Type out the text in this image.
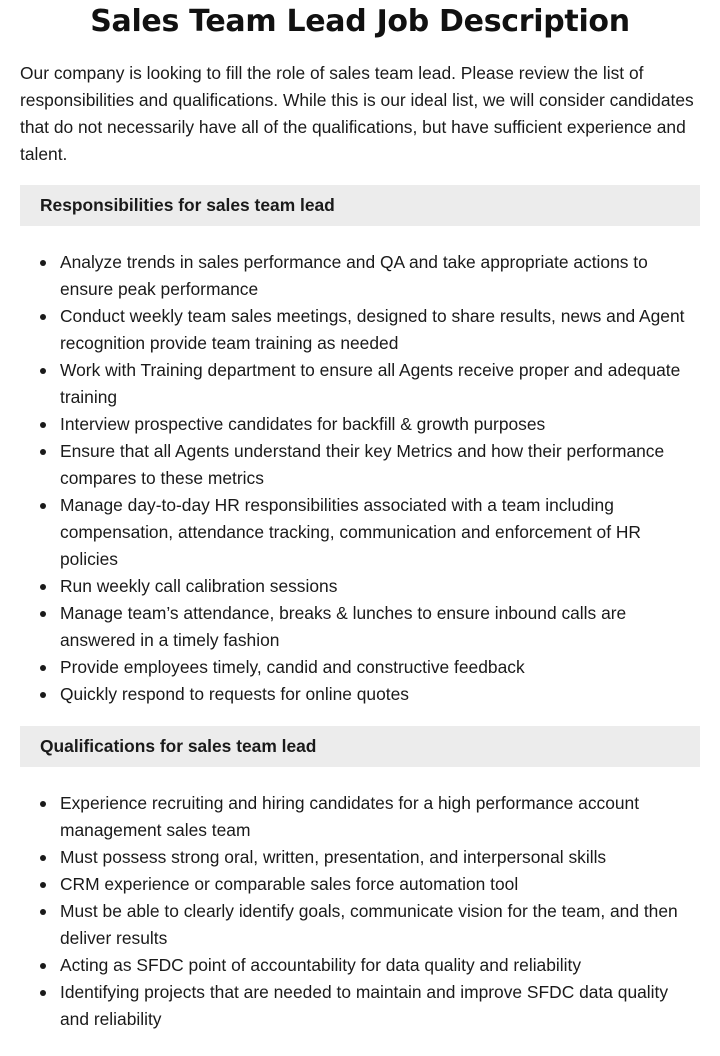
Sales Team Lead Job Description

Our company is looking to fill the role of sales team lead. Please review the list of responsibilities and qualifications. While this is our ideal list, we will consider candidates that do not necessarily have all of the qualifications, but have sufficient experience and talent.

Responsibilities for sales team lead
Analyze trends in sales performance and QA and take appropriate actions to ensure peak performance
Conduct weekly team sales meetings, designed to share results, news and Agent recognition provide team training as needed
Work with Training department to ensure all Agents receive proper and adequate training
Interview prospective candidates for backfill & growth purposes
Ensure that all Agents understand their key Metrics and how their performance compares to these metrics
Manage day-to-day HR responsibilities associated with a team including compensation, attendance tracking, communication and enforcement of HR policies
Run weekly call calibration sessions
Manage team’s attendance, breaks & lunches to ensure inbound calls are answered in a timely fashion
Provide employees timely, candid and constructive feedback
Quickly respond to requests for online quotes
Qualifications for sales team lead
Experience recruiting and hiring candidates for a high performance account management sales team
Must possess strong oral, written, presentation, and interpersonal skills
CRM experience or comparable sales force automation tool
Must be able to clearly identify goals, communicate vision for the team, and then deliver results
Acting as SFDC point of accountability for data quality and reliability
Identifying projects that are needed to maintain and improve SFDC data quality and reliability
